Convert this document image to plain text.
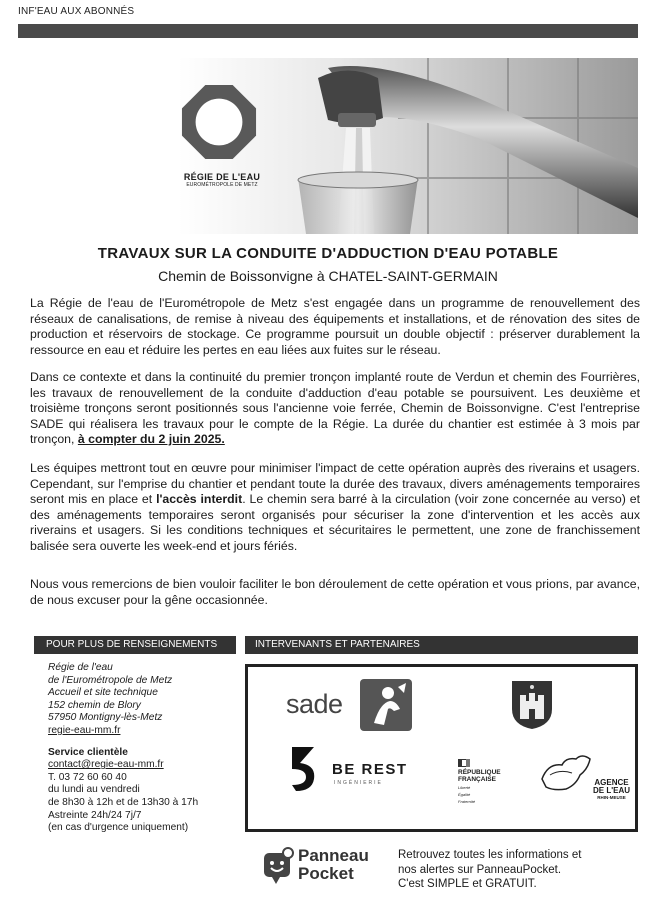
INF'EAU AUX ABONNÉS
RÉGIE DE L'EAU
EUROMÉTROPOLE DE METZ
TRAVAUX SUR LA CONDUITE D'ADDUCTION D'EAU POTABLE
Chemin de Boissonvigne à CHATEL-SAINT-GERMAIN

La Régie de l'eau de l'Eurométropole de Metz s'est engagée dans un programme de renouvellement des réseaux de canalisations, de remise à niveau des équipements et installations, et de rénovation des sites de production et réservoirs de stockage. Ce programme poursuit un double objectif : préserver durablement la ressource en eau et réduire les pertes en eau liées aux fuites sur le réseau.

Dans ce contexte et dans la continuité du premier tronçon implanté route de Verdun et chemin des Fourrières, les travaux de renouvellement de la conduite d'adduction d'eau potable se poursuivent. Les deuxième et troisième tronçons seront positionnés sous l'ancienne voie ferrée, Chemin de Boissonvigne. C'est l'entreprise SADE qui réalisera les travaux pour le compte de la Régie. La durée du chantier est estimée à 3 mois par tronçon, à compter du 2 juin 2025.

Les équipes mettront tout en œuvre pour minimiser l'impact de cette opération auprès des riverains et usagers. Cependant, sur l'emprise du chantier et pendant toute la durée des travaux, divers aménagements temporaires seront mis en place et l'accès interdit. Le chemin sera barré à la circulation (voir zone concernée au verso) et des aménagements temporaires seront organisés pour sécuriser la zone d'intervention et les accès aux riverains et usagers. Si les conditions techniques et sécuritaires le permettent, une zone de franchissement balisée sera ouverte les week-end et jours fériés.

Nous vous remercions de bien vouloir faciliter le bon déroulement de cette opération et vous prions, par avance, de nous excuser pour la gêne occasionnée.

POUR PLUS DE RENSEIGNEMENTS
Régie de l'eau
de l'Eurométropole de Metz
Accueil et site technique
152 chemin de Blory
57950 Montigny-lès-Metz
regie-eau-mm.fr
Service clientèle
contact@regie-eau-mm.fr
T. 03 72 60 60 40
du lundi au vendredi
de 8h30 à 12h et de 13h30 à 17h
Astreinte 24h/24 7j/7
(en cas d'urgence uniquement)
INTERVENANTS ET PARTENAIRES
sade
BE REST
INGÉNIERIE
RÉPUBLIQUE
FRANÇAISE
Liberté
Égalité
Fraternité
AGENCE
DE L'EAU
RHIN-MEUSE
Panneau
Pocket
Retrouvez toutes les informations et
nos alertes sur PanneauPocket.
C'est SIMPLE et GRATUIT.
